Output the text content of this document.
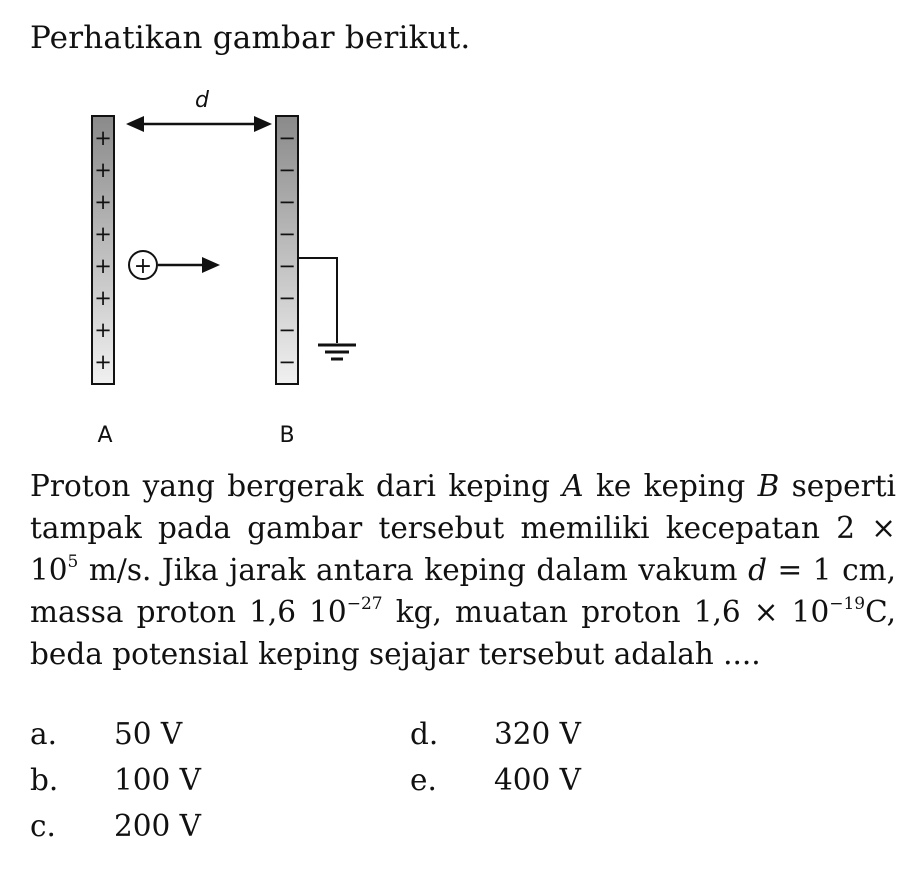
Perhatikan gambar berikut.
+
+
+
+
+
+
+
+
−
−
−
−
−
−
−
−
d
+
A	B
Proton yang bergerak dari keping A ke keping B seperti tampak pada gambar tersebut memiliki kecepatan $2 \times 10^5$ m/s. Jika jarak antara keping dalam vakum d = 1 cm, massa proton 1,6 $10^{-27}$ kg, muatan proton $1,6 \times 10^{-19}C$, beda potensial keping sejajar tersebut adalah ....
a. 50 V
b. 100 V
c. 200 V
d. 320 V
e. 400 V
